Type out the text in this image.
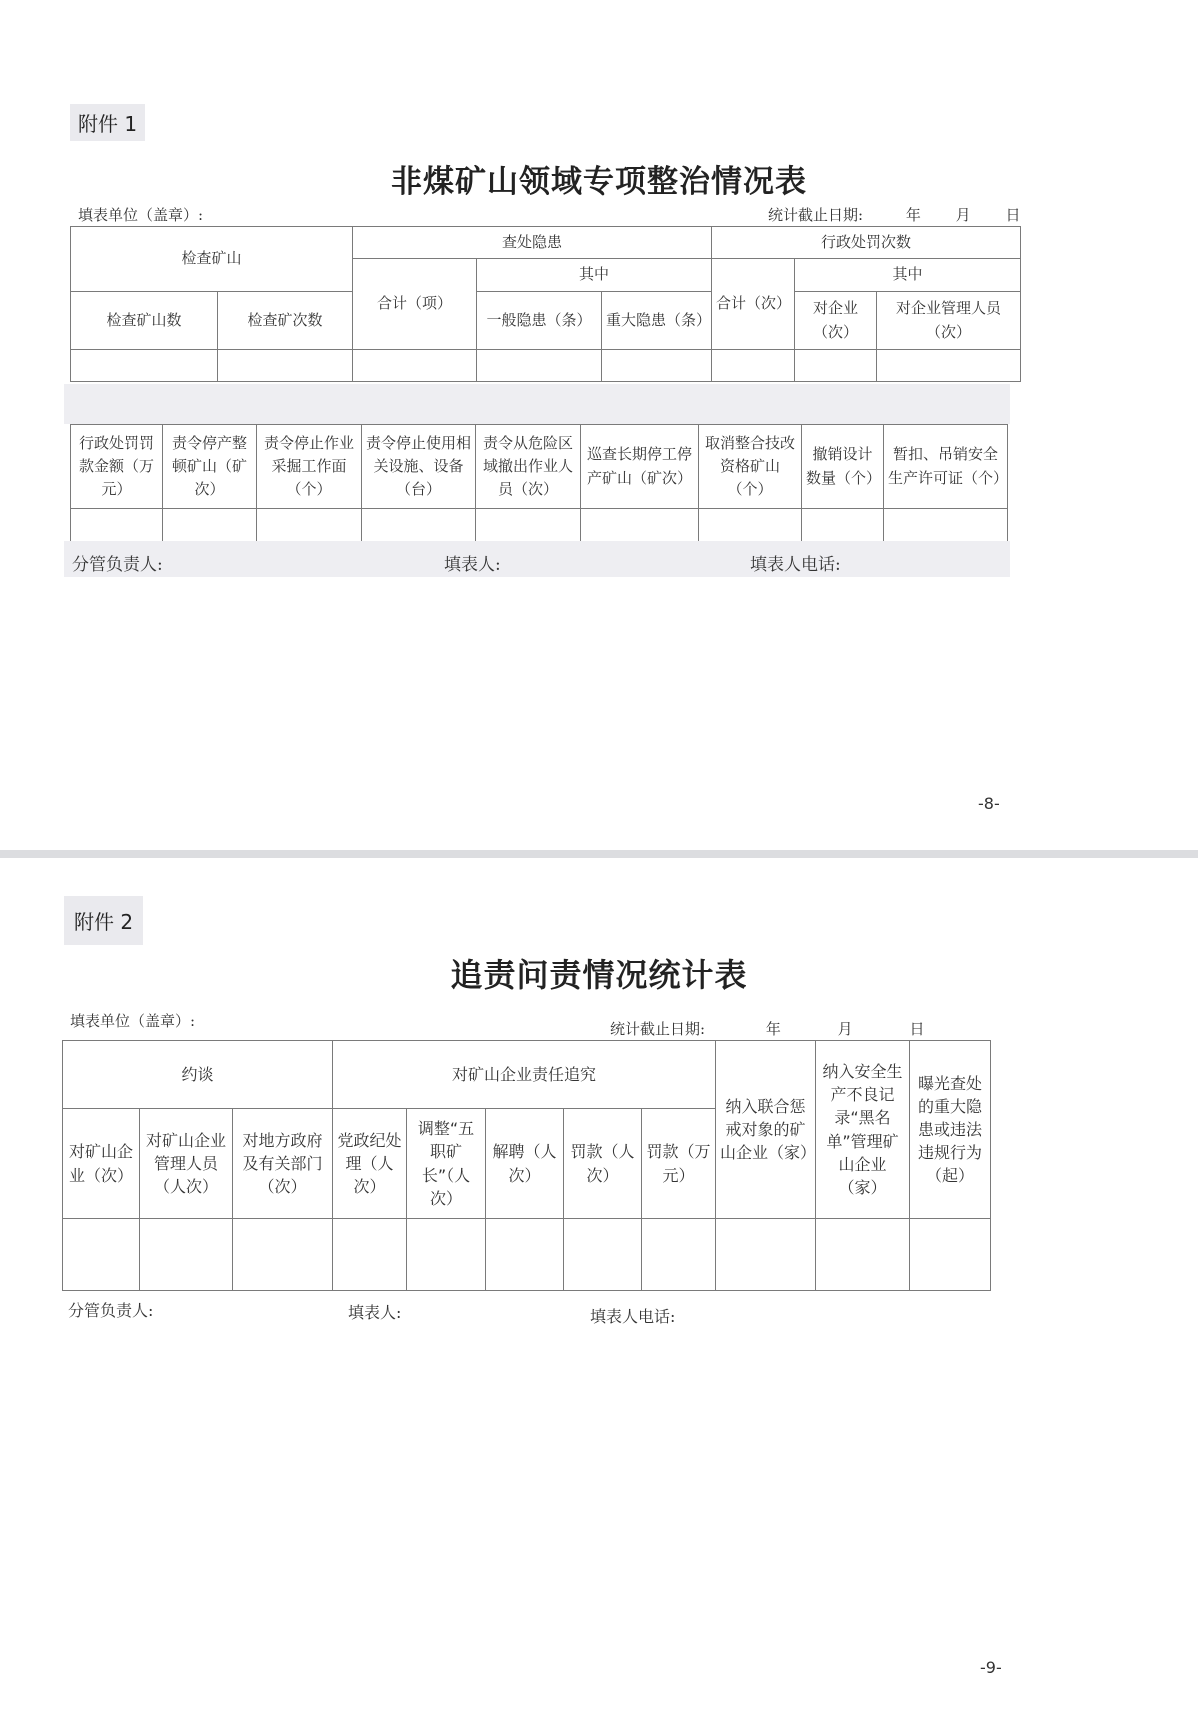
附件 1
非煤矿山领域专项整治情况表
填表单位（盖章）:	统计截止日期:	年 月 日
检查矿山		查处隐患			行政处罚次数		
		合计（项）	其中		合计（次）	其中	
检查矿山数	检查矿次数		一般隐患（条）	重大隐患（条）		对企业（次）	对企业管理人员（次）

行政处罚罚款金额（万元）	责令停产整顿矿山（矿次）	责令停止作业采掘工作面（个）	责令停止使用相关设施、设备（台）	责令从危险区域撤出作业人员（次）	巡查长期停工停产矿山（矿次）	取消整合技改资格矿山（个）	撤销设计数量（个）	暂扣、吊销安全生产许可证（个）

分管负责人:	填表人:	填表人电话:
-8-
附件 2
追责问责情况统计表
填表单位（盖章）:	统计截止日期:	年	月	日
约谈			对矿山企业责任追究					纳入联合惩戒对象的矿山企业（家）	纳入安全生产不良记录“黑名单”管理矿山企业（家）	曝光查处的重大隐患或违法违规行为（起）
对矿山企业（次）	对矿山企业管理人员（人次）	对地方政府及有关部门（次）	党政纪处理（人次）	调整“五职矿长”（人次）	解聘（人次）	罚款（人次）	罚款（万元）			

分管负责人:	填表人:	填表人电话:
-9-
